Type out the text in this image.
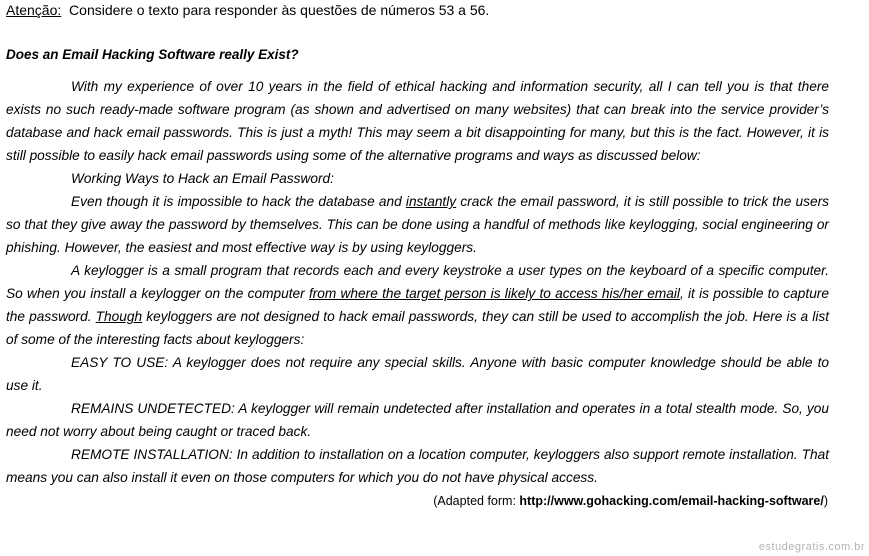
Atenção: Considere o texto para responder às questões de números 53 a 56.
Does an Email Hacking Software really Exist?

With my experience of over 10 years in the field of ethical hacking and information security, all I can tell you is that there exists no such ready-made software program (as shown and advertised on many websites) that can break into the service provider’s database and hack email passwords. This is just a myth! This may seem a bit disappointing for many, but this is the fact. However, it is still possible to easily hack email passwords using some of the alternative programs and ways as discussed below:

Working Ways to Hack an Email Password:

Even though it is impossible to hack the database and instantly crack the email password, it is still possible to trick the users so that they give away the password by themselves. This can be done using a handful of methods like keylogging, social engineering or phishing. However, the easiest and most effective way is by using keyloggers.

A keylogger is a small program that records each and every keystroke a user types on the keyboard of a specific computer. So when you install a keylogger on the computer from where the target person is likely to access his/her email, it is possible to capture the password. Though keyloggers are not designed to hack email passwords, they can still be used to accomplish the job. Here is a list of some of the interesting facts about keyloggers:

EASY TO USE: A keylogger does not require any special skills. Anyone with basic computer knowledge should be able to use it.

REMAINS UNDETECTED: A keylogger will remain undetected after installation and operates in a total stealth mode. So, you need not worry about being caught or traced back.

REMOTE INSTALLATION: In addition to installation on a location computer, keyloggers also support remote installation. That means you can also install it even on those computers for which you do not have physical access.

(Adapted form: http://www.gohacking.com/email-hacking-software/)
estudegratis.com.br
